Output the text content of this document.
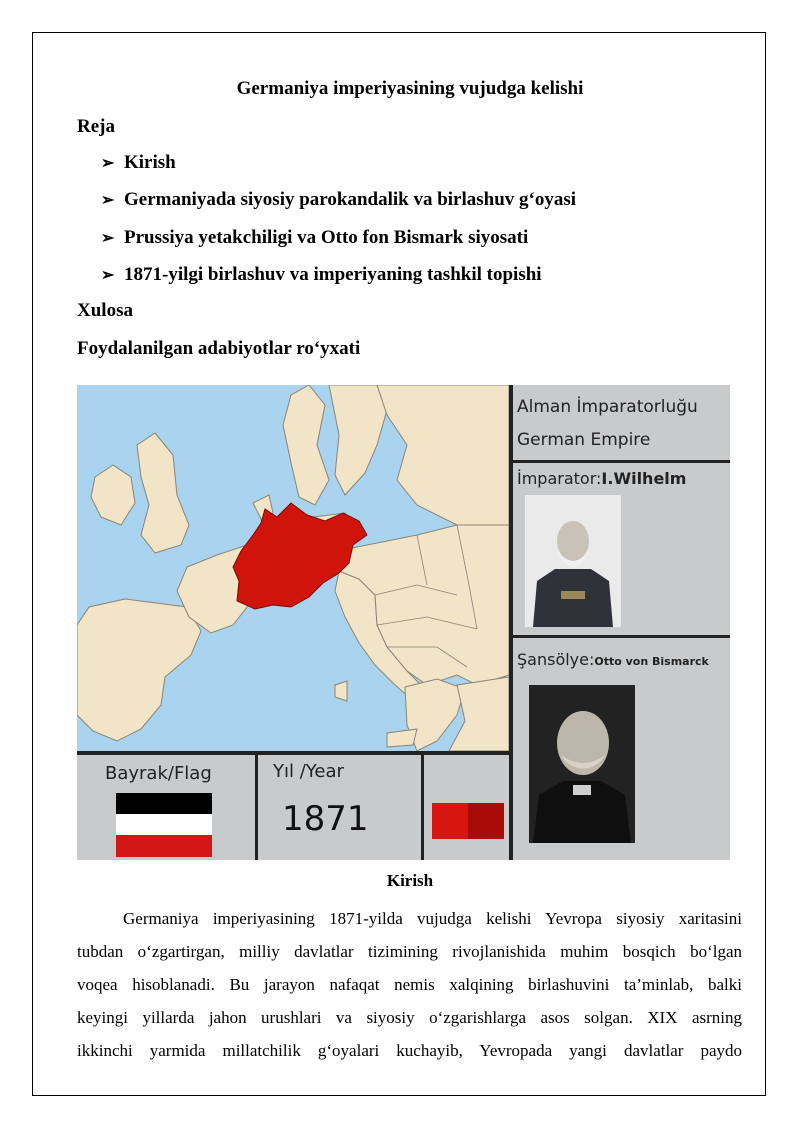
Germaniya imperiyasining vujudga kelishi
Reja
➢ Kirish
➢ Germaniyada siyosiy parokandalik va birlashuv g‘oyasi
➢ Prussiya yetakchiligi va Otto fon Bismark siyosati
➢ 1871-yilgi birlashuv va imperiyaning tashkil topishi
Xulosa
Foydalanilgan adabiyotlar ro‘yxati
Alman İmparatorluğu
German Empire
İmparator:I.Wilhelm
Şansölye:Otto von Bismarck
Bayrak/Flag	Yıl /Year
1871
Kirish
Germaniya imperiyasining 1871-yilda vujudga kelishi Yevropa siyosiy xaritasini
tubdan o‘zgartirgan, milliy davlatlar tizimining rivojlanishida muhim bosqich bo‘lgan
voqea hisoblanadi. Bu jarayon nafaqat nemis xalqining birlashuvini ta’minlab, balki
keyingi yillarda jahon urushlari va siyosiy o‘zgarishlarga asos solgan. XIX asrning
ikkinchi yarmida millatchilik g‘oyalari kuchayib, Yevropada yangi davlatlar paydo
